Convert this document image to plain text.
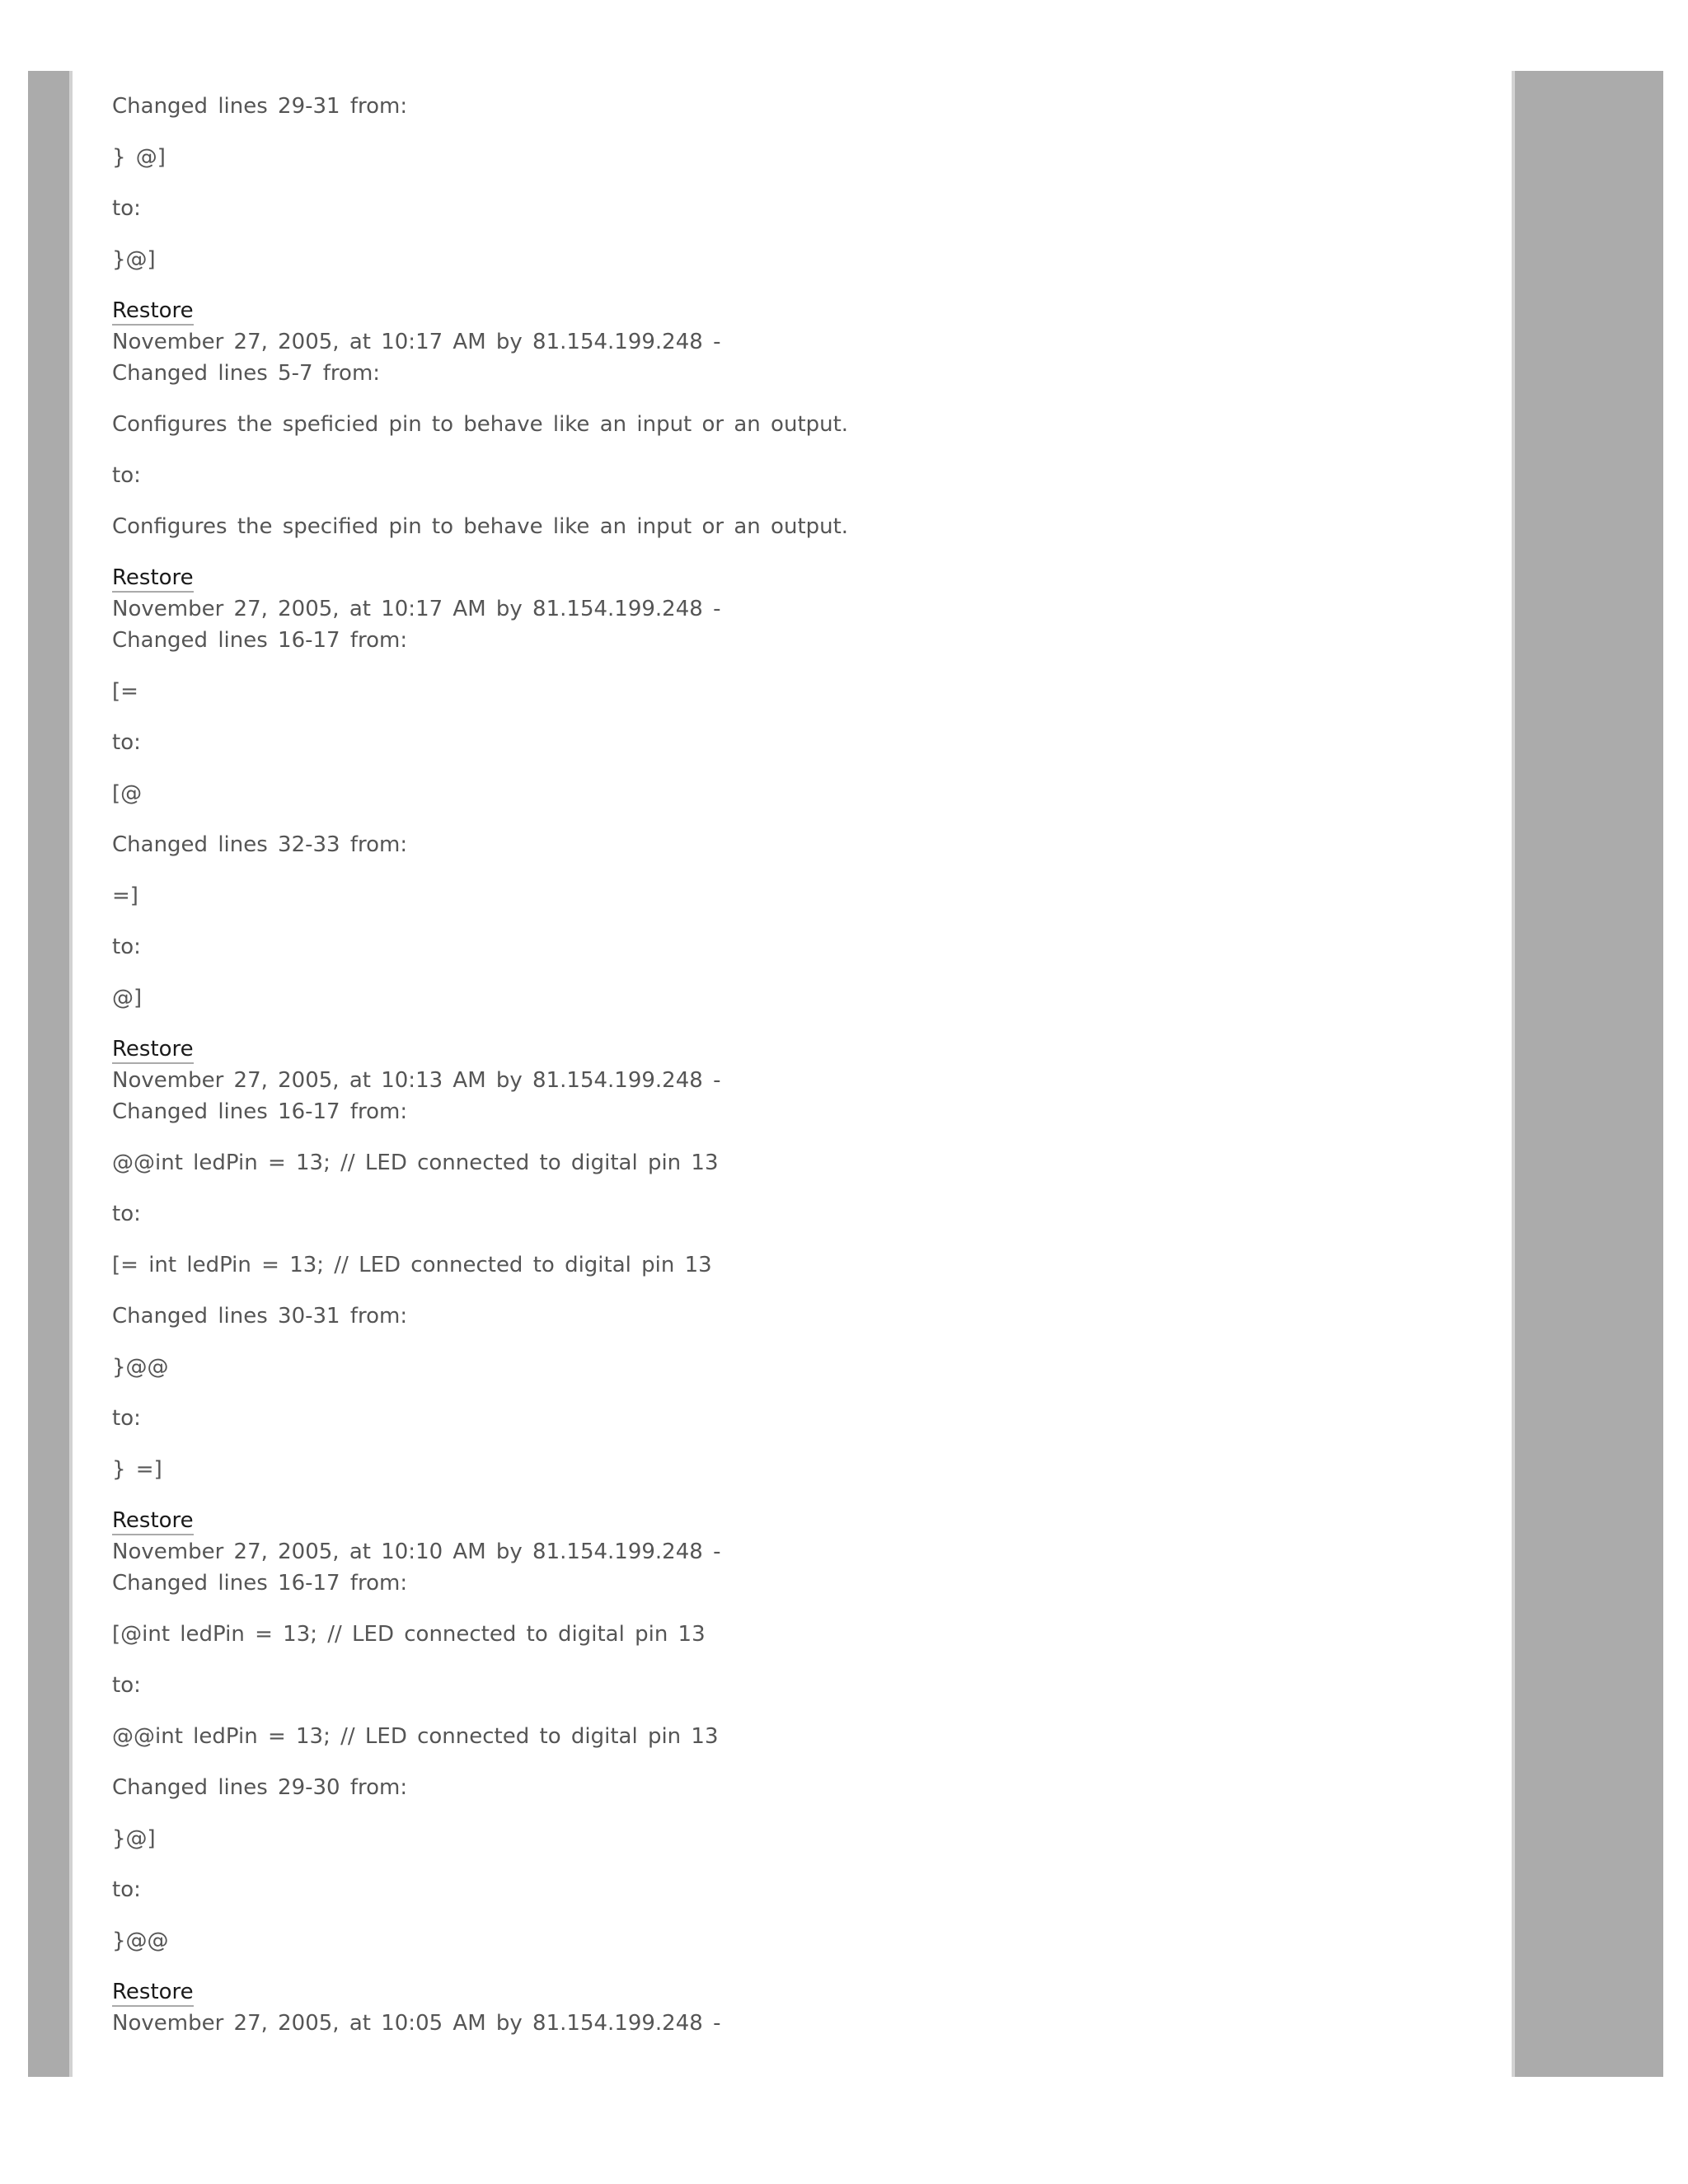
Changed lines 29-31 from:

} @]

to:

}@]

Restore
November 27, 2005, at 10:17 AM by 81.154.199.248 -
Changed lines 5-7 from:

Configures the speficied pin to behave like an input or an output.

to:

Configures the specified pin to behave like an input or an output.

Restore
November 27, 2005, at 10:17 AM by 81.154.199.248 -
Changed lines 16-17 from:

[=

to:

[@

Changed lines 32-33 from:

=]

to:

@]

Restore
November 27, 2005, at 10:13 AM by 81.154.199.248 -
Changed lines 16-17 from:

@@int ledPin = 13; // LED connected to digital pin 13

to:

[= int ledPin = 13; // LED connected to digital pin 13

Changed lines 30-31 from:

}@@

to:

} =]

Restore
November 27, 2005, at 10:10 AM by 81.154.199.248 -
Changed lines 16-17 from:

[@int ledPin = 13; // LED connected to digital pin 13

to:

@@int ledPin = 13; // LED connected to digital pin 13

Changed lines 29-30 from:

}@]

to:

}@@

Restore
November 27, 2005, at 10:05 AM by 81.154.199.248 -
